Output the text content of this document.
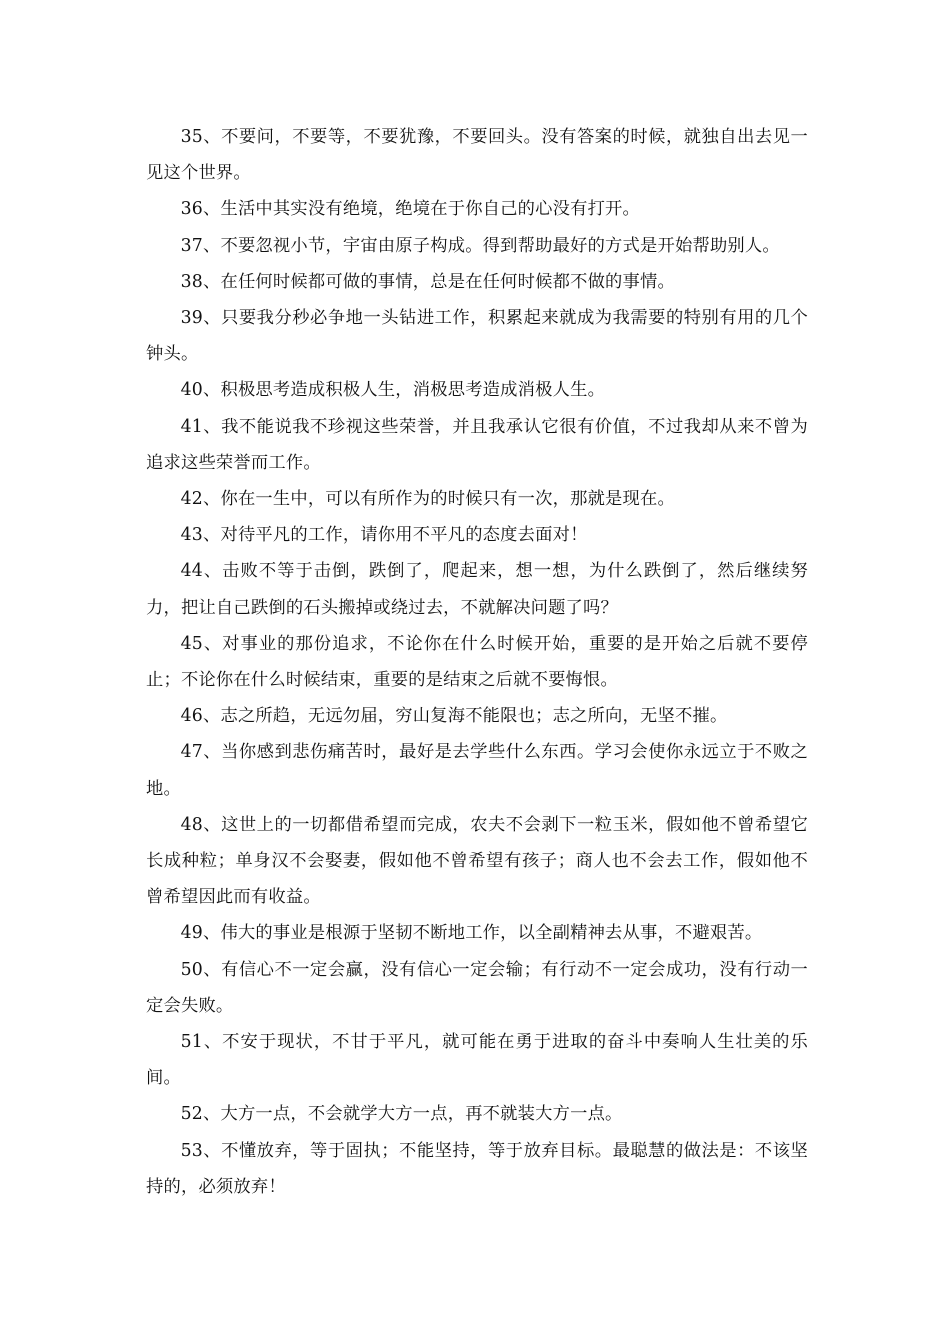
35、不要问，不要等，不要犹豫，不要回头。没有答案的时候，就独自出去见一见这个世界。

36、生活中其实没有绝境，绝境在于你自己的心没有打开。

37、不要忽视小节，宇宙由原子构成。得到帮助最好的方式是开始帮助别人。

38、在任何时候都可做的事情，总是在任何时候都不做的事情。

39、只要我分秒必争地一头钻进工作，积累起来就成为我需要的特别有用的几个钟头。

40、积极思考造成积极人生，消极思考造成消极人生。

41、我不能说我不珍视这些荣誉，并且我承认它很有价值，不过我却从来不曾为追求这些荣誉而工作。

42、你在一生中，可以有所作为的时候只有一次，那就是现在。

43、对待平凡的工作，请你用不平凡的态度去面对！

44、击败不等于击倒，跌倒了，爬起来，想一想，为什么跌倒了，然后继续努力，把让自己跌倒的石头搬掉或绕过去，不就解决问题了吗？

45、对事业的那份追求，不论你在什么时候开始，重要的是开始之后就不要停止；不论你在什么时候结束，重要的是结束之后就不要悔恨。

46、志之所趋，无远勿届，穷山复海不能限也；志之所向，无坚不摧。

47、当你感到悲伤痛苦时，最好是去学些什么东西。学习会使你永远立于不败之地。

48、这世上的一切都借希望而完成，农夫不会剥下一粒玉米，假如他不曾希望它长成种粒；单身汉不会娶妻，假如他不曾希望有孩子；商人也不会去工作，假如他不曾希望因此而有收益。

49、伟大的事业是根源于坚韧不断地工作，以全副精神去从事，不避艰苦。

50、有信心不一定会赢，没有信心一定会输；有行动不一定会成功，没有行动一定会失败。

51、不安于现状，不甘于平凡，就可能在勇于进取的奋斗中奏响人生壮美的乐间。

52、大方一点，不会就学大方一点，再不就装大方一点。

53、不懂放弃，等于固执；不能坚持，等于放弃目标。最聪慧的做法是：不该坚持的，必须放弃！
